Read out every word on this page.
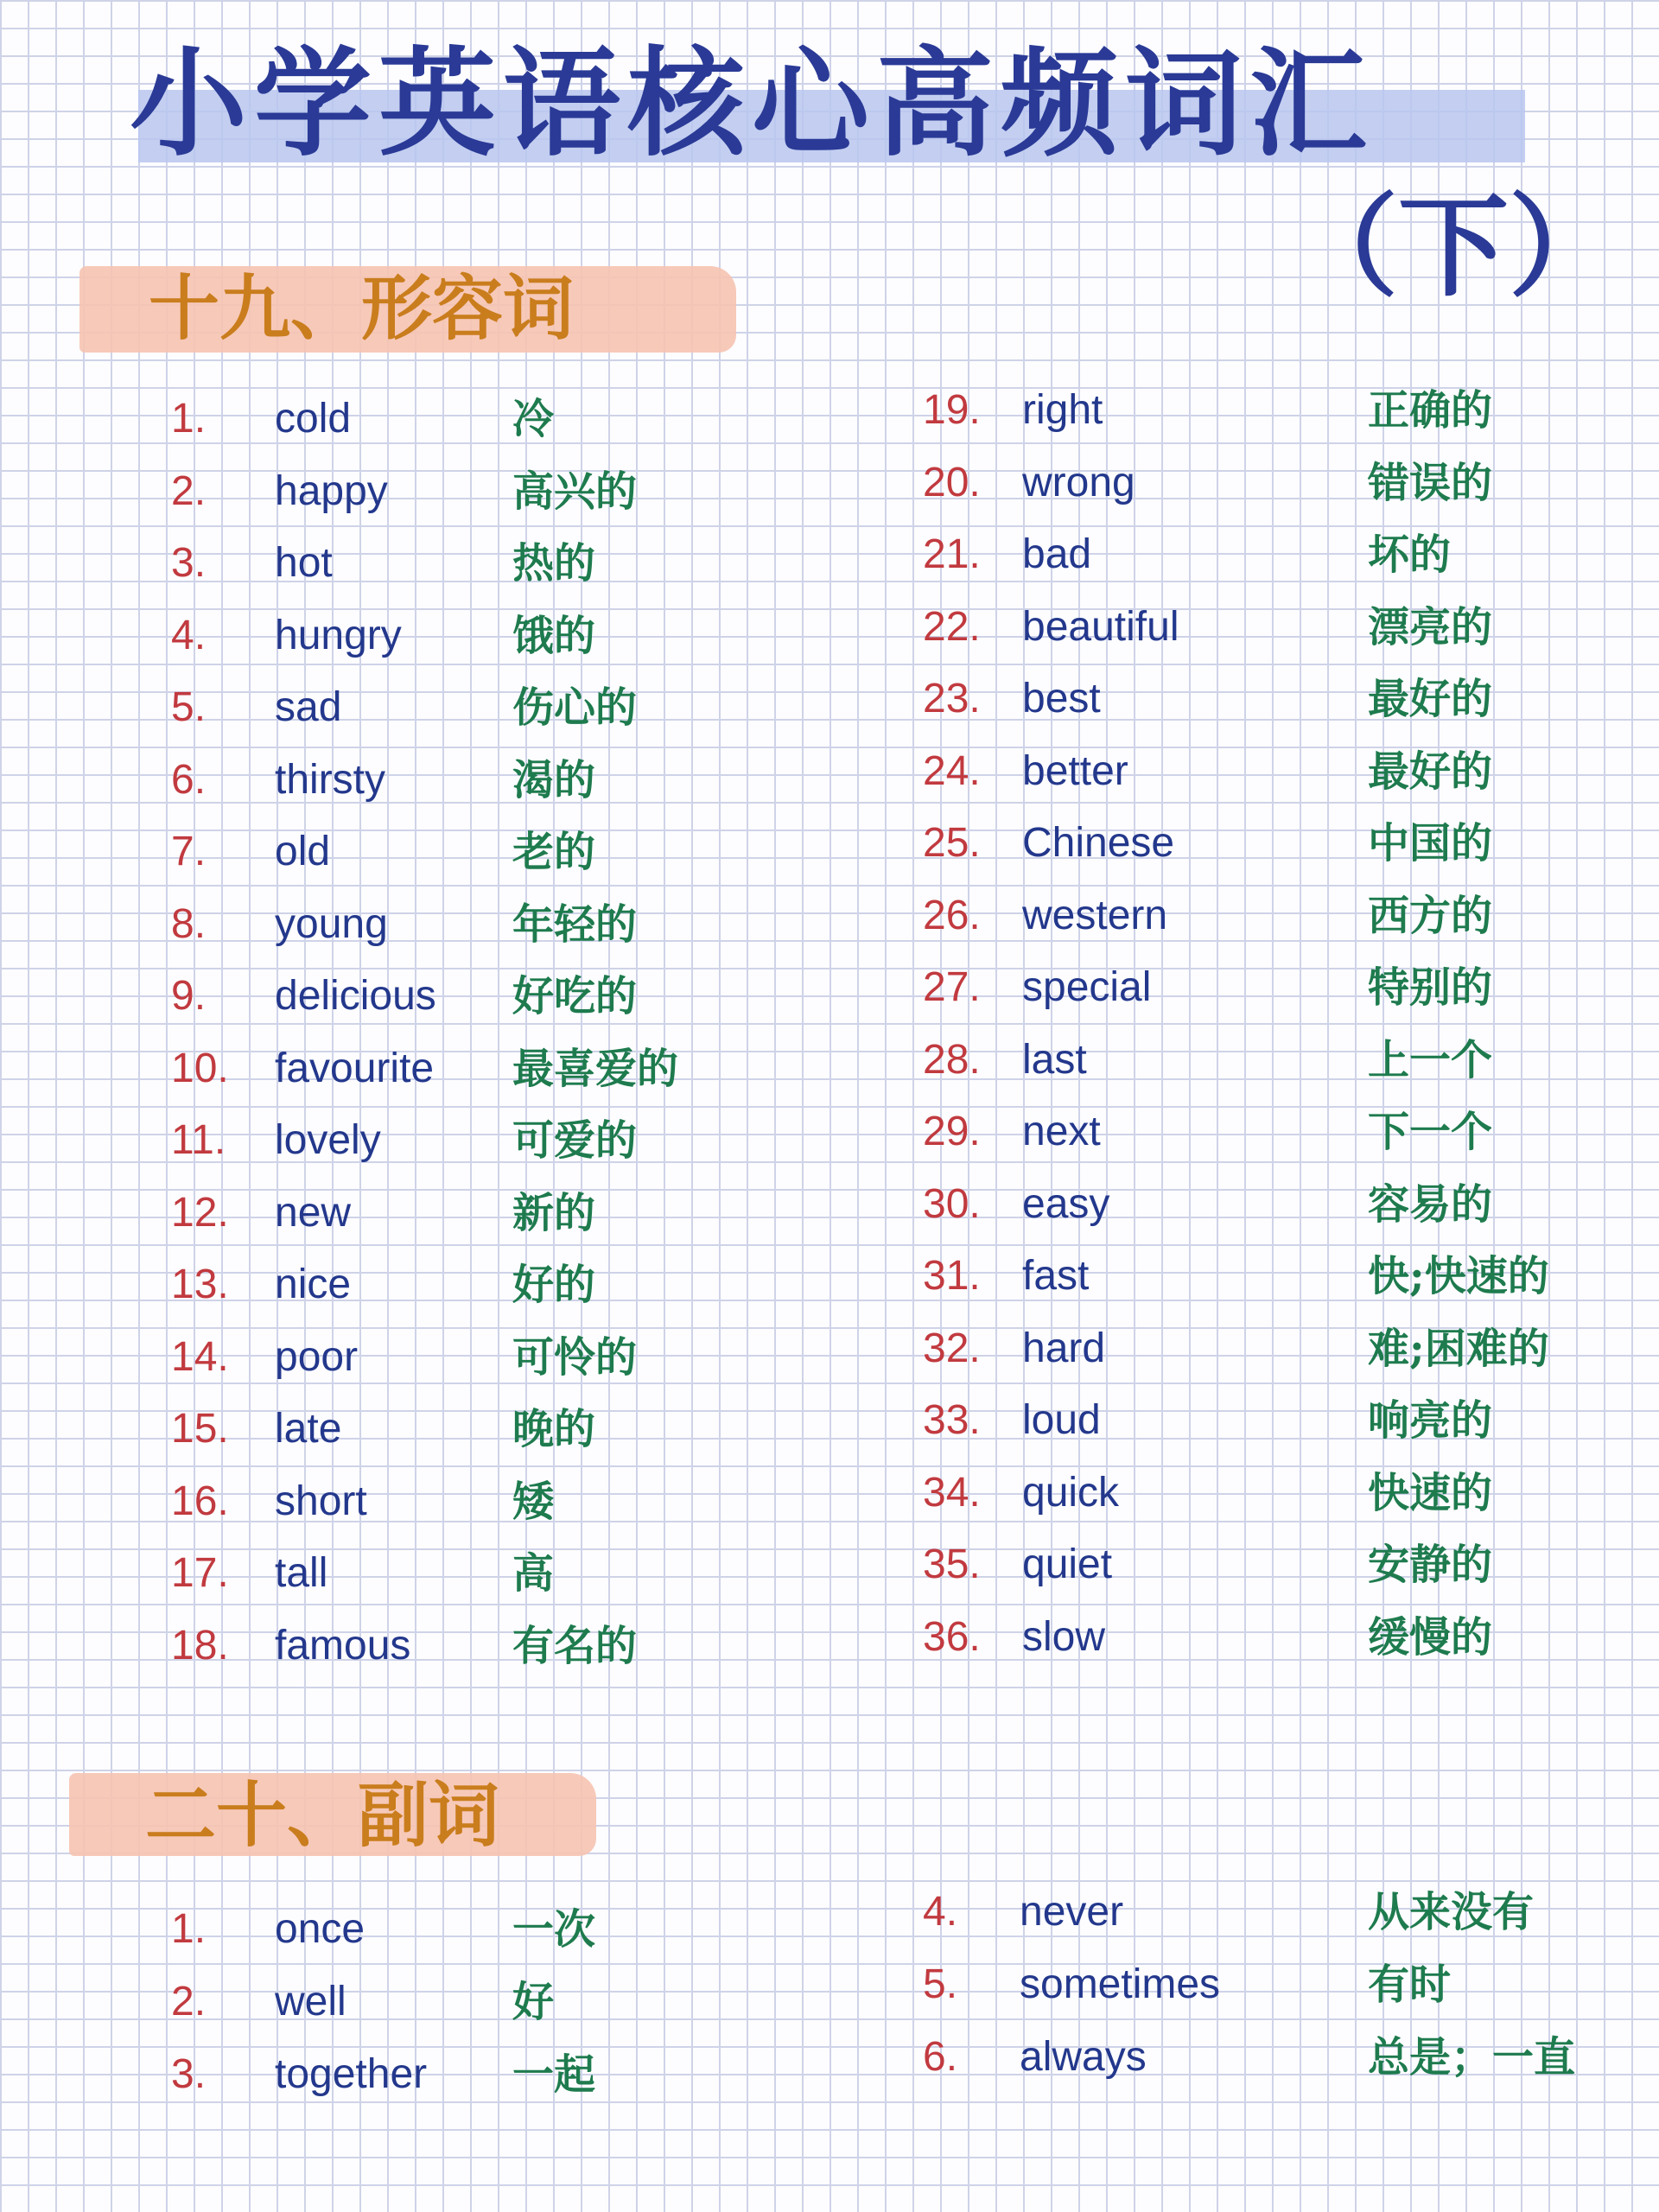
小学英语核心高频词汇
（下）
十九、形容词
二十、副词
1. cold	冷
2. happy	高兴的
3. hot	热的
4. hungry	饿的
5. sad	伤心的
6. thirsty	渴的
7. old	老的
8. young	年轻的
9. delicious 好吃的
10. favourite 最喜爱的
11. lovely	可爱的
12. new	新的
13. nice	好的
14. poor	可怜的
15. late	晚的
16. short	矮
17. tall	高
18. famous 有名的
19. right	正确的
20. wrong	错误的
21. bad	坏的
22. beautiful	漂亮的
23. best	最好的
24. better	最好的
25. Chinese	中国的
26. western	西方的
27. special	特别的
28. last	上一个
29. next	下一个
30. easy	容易的
31. fast	快;快速的
32. hard	难;困难的
33. loud	响亮的
34. quick	快速的
35. quiet	安静的
36. slow	缓慢的
1. once	一次
2. well	好
3. together 一起
4. never	从来没有
5. sometimes	有时
6. always	总是；一直
